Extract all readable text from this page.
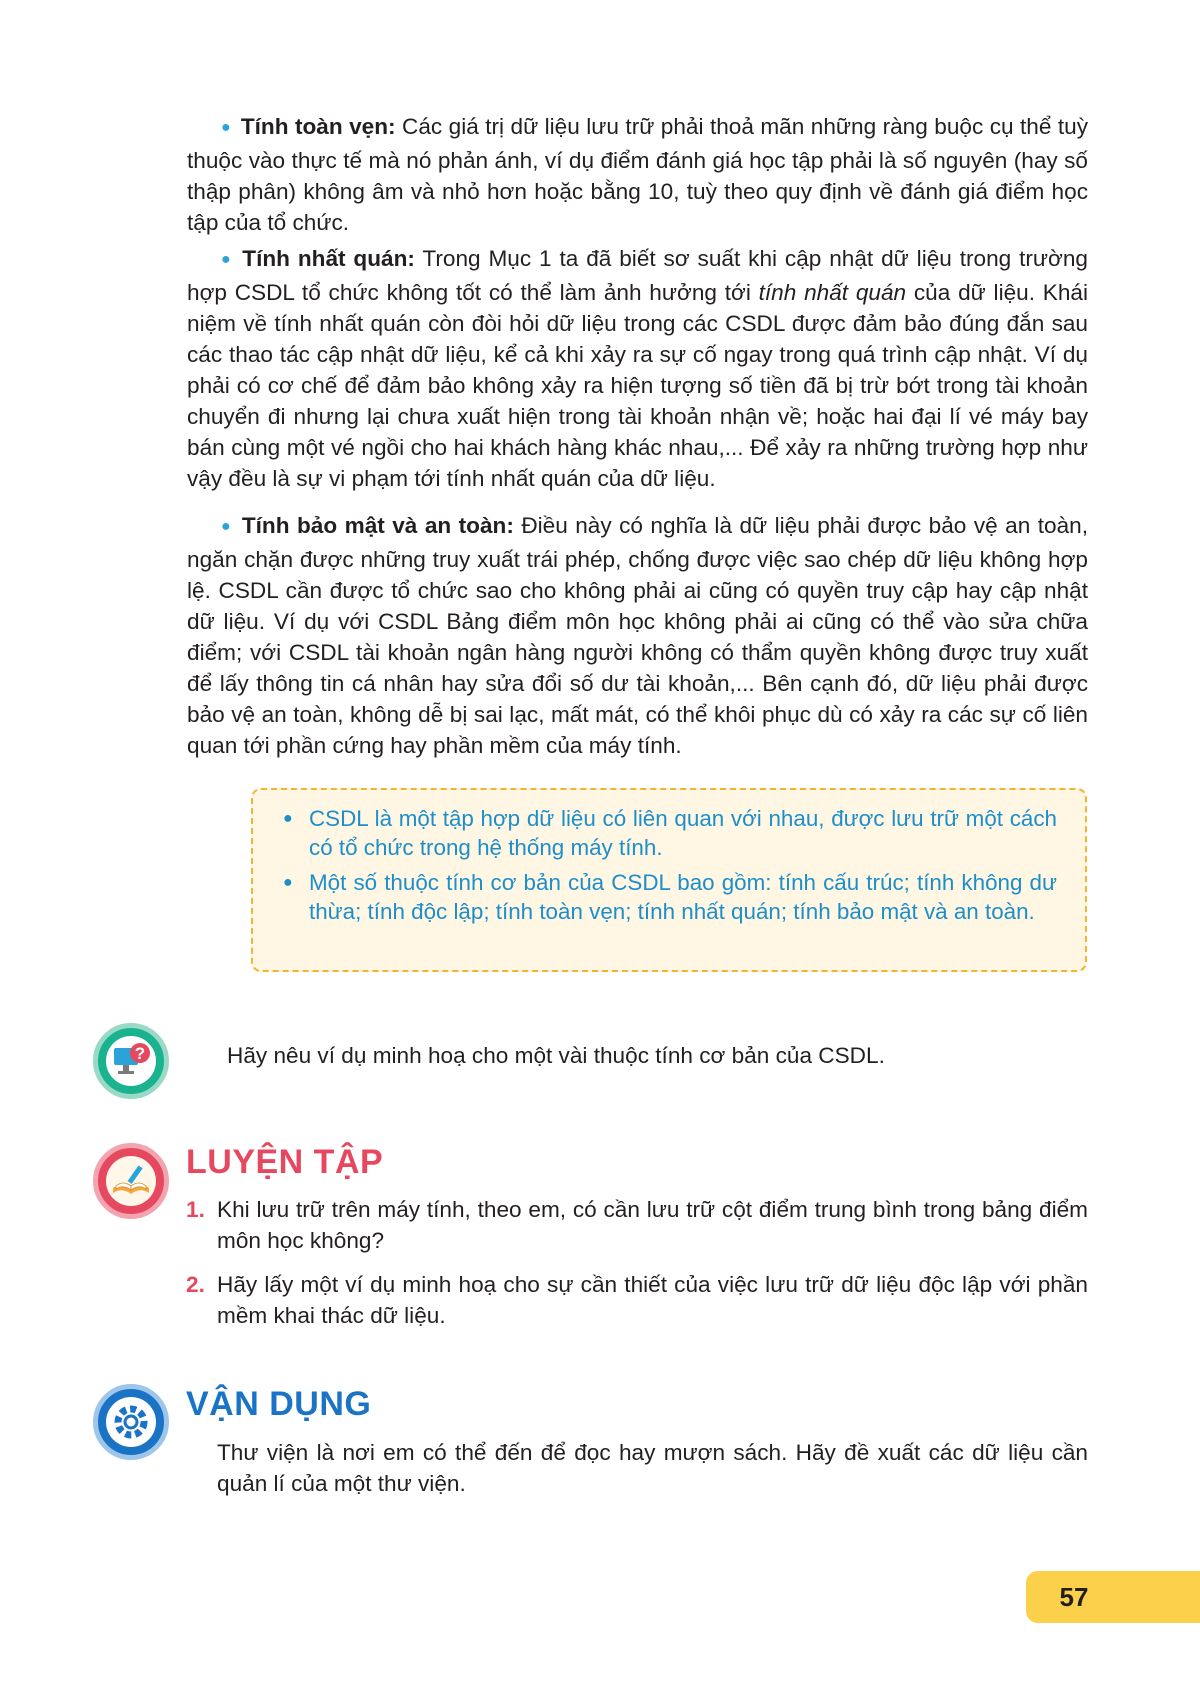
● Tính toàn vẹn: Các giá trị dữ liệu lưu trữ phải thoả mãn những ràng buộc cụ thể tuỳ thuộc vào thực tế mà nó phản ánh, ví dụ điểm đánh giá học tập phải là số nguyên (hay số thập phân) không âm và nhỏ hơn hoặc bằng 10, tuỳ theo quy định về đánh giá điểm học tập của tổ chức.

● Tính nhất quán: Trong Mục 1 ta đã biết sơ suất khi cập nhật dữ liệu trong trường hợp CSDL tổ chức không tốt có thể làm ảnh hưởng tới tính nhất quán của dữ liệu. Khái niệm về tính nhất quán còn đòi hỏi dữ liệu trong các CSDL được đảm bảo đúng đắn sau các thao tác cập nhật dữ liệu, kể cả khi xảy ra sự cố ngay trong quá trình cập nhật. Ví dụ phải có cơ chế để đảm bảo không xảy ra hiện tượng số tiền đã bị trừ bớt trong tài khoản chuyển đi nhưng lại chưa xuất hiện trong tài khoản nhận về; hoặc hai đại lí vé máy bay bán cùng một vé ngồi cho hai khách hàng khác nhau,... Để xảy ra những trường hợp như vậy đều là sự vi phạm tới tính nhất quán của dữ liệu.

● Tính bảo mật và an toàn: Điều này có nghĩa là dữ liệu phải được bảo vệ an toàn, ngăn chặn được những truy xuất trái phép, chống được việc sao chép dữ liệu không hợp lệ. CSDL cần được tổ chức sao cho không phải ai cũng có quyền truy cập hay cập nhật dữ liệu. Ví dụ với CSDL Bảng điểm môn học không phải ai cũng có thể vào sửa chữa điểm; với CSDL tài khoản ngân hàng người không có thẩm quyền không được truy xuất để lấy thông tin cá nhân hay sửa đổi số dư tài khoản,... Bên cạnh đó, dữ liệu phải được bảo vệ an toàn, không dễ bị sai lạc, mất mát, có thể khôi phục dù có xảy ra các sự cố liên quan tới phần cứng hay phần mềm của máy tính.

● CSDL là một tập hợp dữ liệu có liên quan với nhau, được lưu trữ một cách có tổ chức trong hệ thống máy tính.
● Một số thuộc tính cơ bản của CSDL bao gồm: tính cấu trúc; tính không dư thừa; tính độc lập; tính toàn vẹn; tính nhất quán; tính bảo mật và an toàn.
?	Hãy nêu ví dụ minh hoạ cho một vài thuộc tính cơ bản của CSDL.

LUYỆN TẬP

1. Khi lưu trữ trên máy tính, theo em, có cần lưu trữ cột điểm trung bình trong bảng điểm môn học không?

2. Hãy lấy một ví dụ minh hoạ cho sự cần thiết của việc lưu trữ dữ liệu độc lập với phần mềm khai thác dữ liệu.

VẬN DỤNG

Thư viện là nơi em có thể đến để đọc hay mượn sách. Hãy đề xuất các dữ liệu cần quản lí của một thư viện.

57
